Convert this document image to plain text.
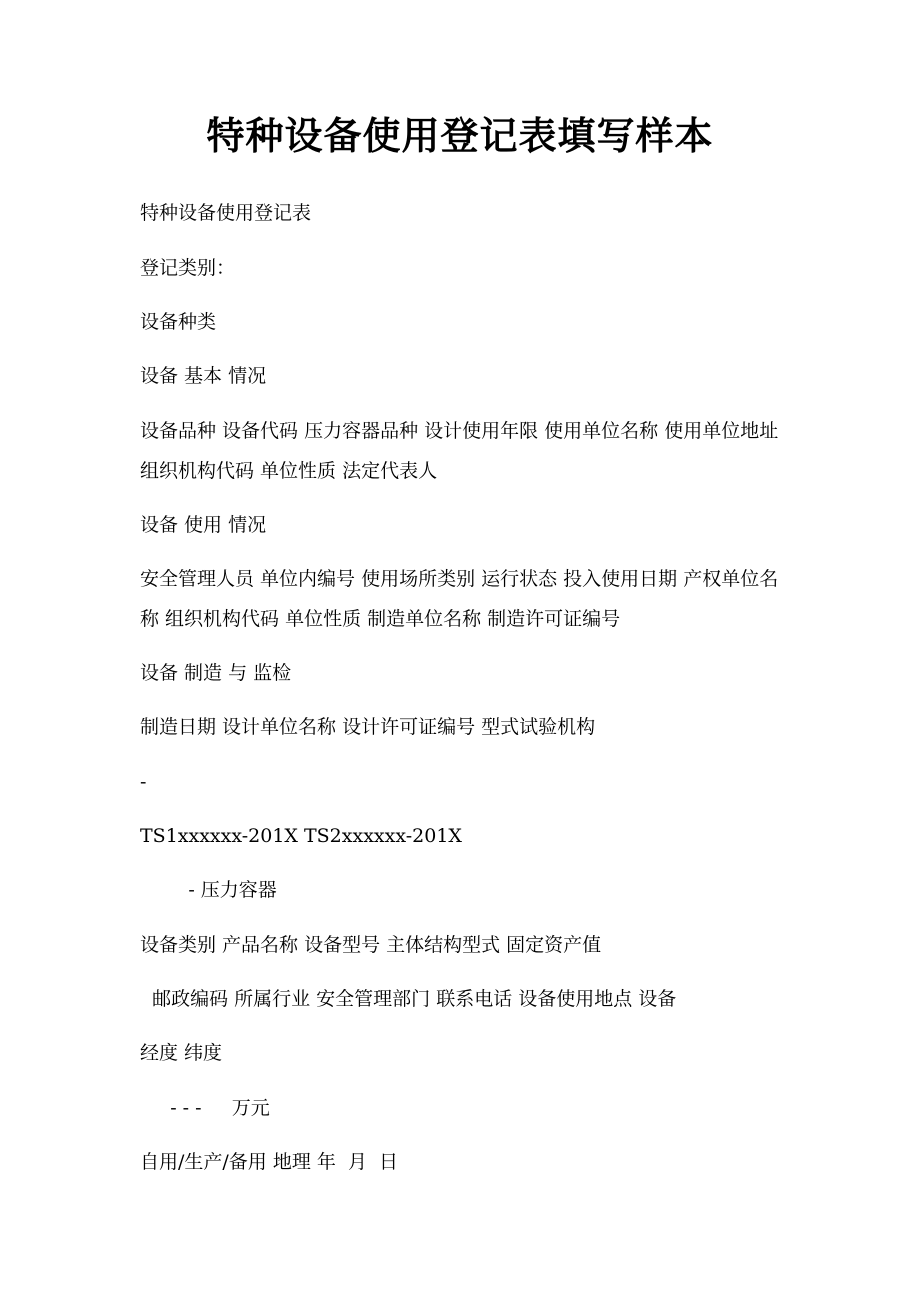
特种设备使用登记表填写样本

特种设备使用登记表

登记类别：

设备种类

设备 基本 情况

设备品种 设备代码 压力容器品种 设计使用年限 使用单位名称 使用单位地址 组织机构代码 单位性质 法定代表人

设备 使用 情况

安全管理人员 单位内编号 使用场所类别 运行状态 投入使用日期 产权单位名称 组织机构代码 单位性质 制造单位名称 制造许可证编号

设备 制造 与 监检

制造日期 设计单位名称 设计许可证编号 型式试验机构

-

TS1xxxxxx-201X TS2xxxxxx-201X

- 压力容器

设备类别 产品名称 设备型号 主体结构型式 固定资产值

邮政编码 所属行业 安全管理部门 联系电话 设备使用地点 设备

经度 纬度

- - -     万元

自用/生产/备用 地理 年  月  日
